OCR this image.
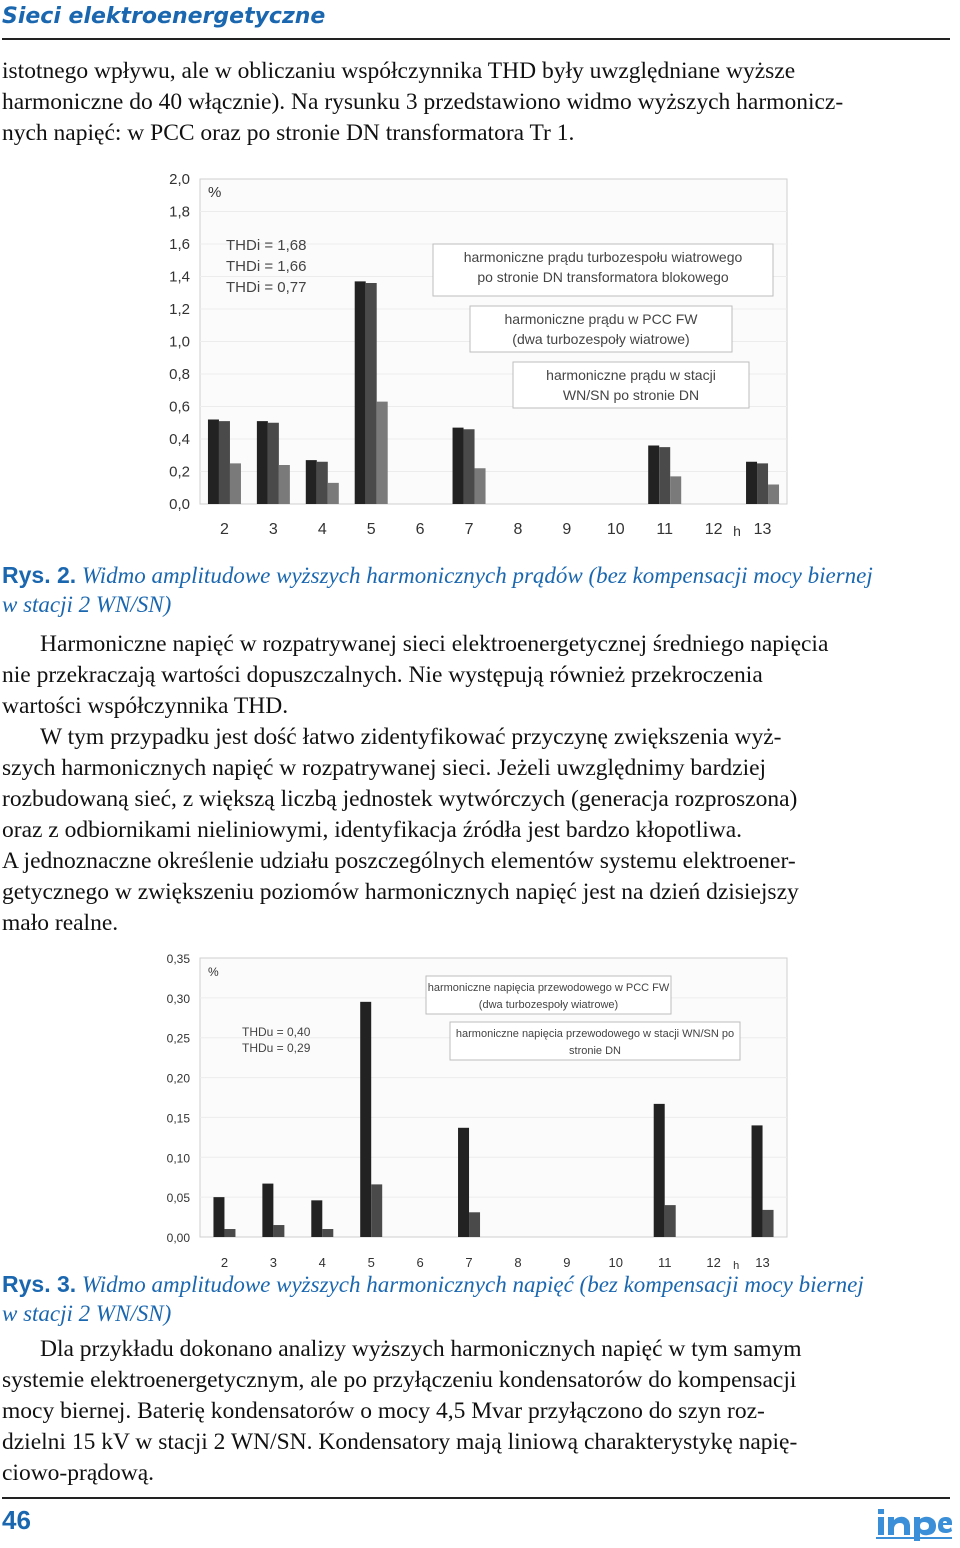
Sieci elektroenergetyczne
istotnego wpływu, ale w obliczaniu współczynnika THD były uwzględniane wyższe
harmoniczne do 40 włącznie). Na rysunku 3 przedstawiono widmo wyższych harmonicz-
nych napięć: w PCC oraz po stronie DN transformatora Tr 1.
0,0
0,2
0,4
0,6
0,8
1,0
1,2
1,4
1,6
1,8
2,0
%
2	3	4	5	6	7	8	9 10 11 12 13
h
harmoniczne prądu turbozespołu wiatrowego
po stronie DN transformatora blokowego
harmoniczne prądu w PCC FW
(dwa turbozespoły wiatrowe)
harmoniczne prądu w stacji
WN/SN po stronie DN
THDi = 1,68
THDi = 1,66
THDi = 0,77
Rys. 2. Widmo amplitudowe wyższych harmonicznych prądów (bez kompensacji mocy biernej
w stacji 2 WN/SN)
Harmoniczne napięć w rozpatrywanej sieci elektroenergetycznej średniego napięcia
nie przekraczają wartości dopuszczalnych. Nie występują również przekroczenia
wartości współczynnika THD.
W tym przypadku jest dość łatwo zidentyfikować przyczynę zwiększenia wyż-
szych harmonicznych napięć w rozpatrywanej sieci. Jeżeli uwzględnimy bardziej
rozbudowaną sieć, z większą liczbą jednostek wytwórczych (generacja rozproszona)
oraz z odbiornikami nieliniowymi, identyfikacja źródła jest bardzo kłopotliwa.
A jednoznaczne określenie udziału poszczególnych elementów systemu elektroener-
getycznego w zwiększeniu poziomów harmonicznych napięć jest na dzień dzisiejszy
mało realne.
0,00
0,05
0,10
0,15
0,20
0,25
0,30
0,35
%
2	3	4	5	6	7	8	9	10	11	12	13
h
harmoniczne napięcia przewodowego w PCC FW
(dwa turbozespoły wiatrowe)
harmoniczne napięcia przewodowego w stacji WN/SN po
stronie DN
THDu = 0,40
THDu = 0,29
Rys. 3. Widmo amplitudowe wyższych harmonicznych napięć (bez kompensacji mocy biernej
w stacji 2 WN/SN)
Dla przykładu dokonano analizy wyższych harmonicznych napięć w tym samym
systemie elektroenergetycznym, ale po przyłączeniu kondensatorów do kompensacji
mocy biernej. Baterię kondensatorów o mocy 4,5 Mvar przyłączono do szyn roz-
dzielni 15 kV w stacji 2 WN/SN. Kondensatory mają liniową charakterystykę napię-
ciowo-prądową.
46
